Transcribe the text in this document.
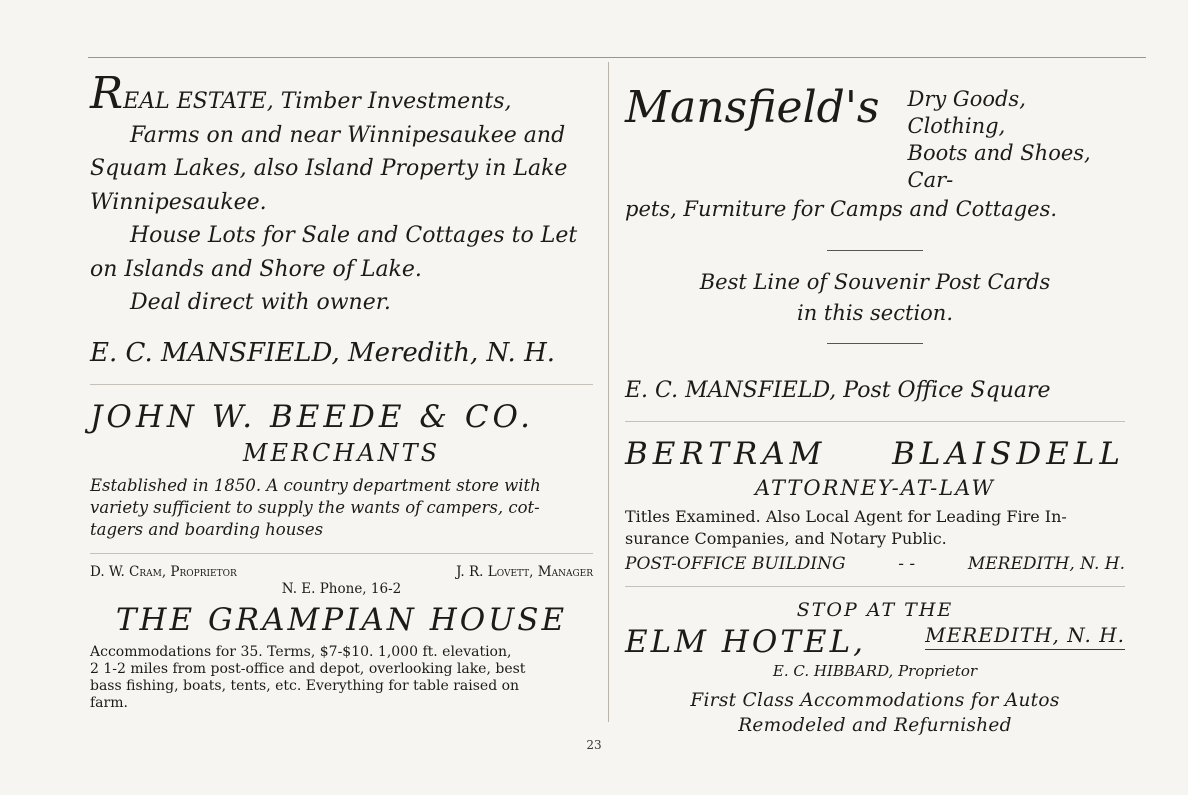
REAL ESTATE, Timber Investments,

Farms on and near Winnipesaukee and

Squam Lakes, also Island Property in Lake

Winnipesaukee.

House Lots for Sale and Cottages to Let

on Islands and Shore of Lake.

Deal direct with owner.

E. C. MANSFIELD, Meredith, N. H.
JOHN W. BEEDE & CO.
MERCHANTS

Established in 1850. A country department store with

variety sufficient to supply the wants of campers, cot-

tagers and boarding houses

D. W. Cram, Proprietor	J. R. Lovett, Manager
N. E. Phone, 16-2
THE GRAMPIAN HOUSE
Accommodations for 35. Terms, $7-$10. 1,000 ft. elevation,
2 1-2 miles from post-office and depot, overlooking lake, best
bass fishing, boats, tents, etc. Everything for table raised on
farm.
Mansfield's Dry Goods, Clothing,
Boots and Shoes, Car-
pets, Furniture for Camps and Cottages.
Best Line of Souvenir Post Cards
in this section.
E. C. MANSFIELD, Post Office Square
BERTRAM BLAISDELL
ATTORNEY-AT-LAW
Titles Examined. Also Local Agent for Leading Fire In-
surance Companies, and Notary Public.
POST-OFFICE BUILDING	- -	MEREDITH, N. H.
STOP AT THE
ELM HOTEL,	MEREDITH, N. H.
E. C. HIBBARD, Proprietor
First Class Accommodations for Autos
Remodeled and Refurnished
23
